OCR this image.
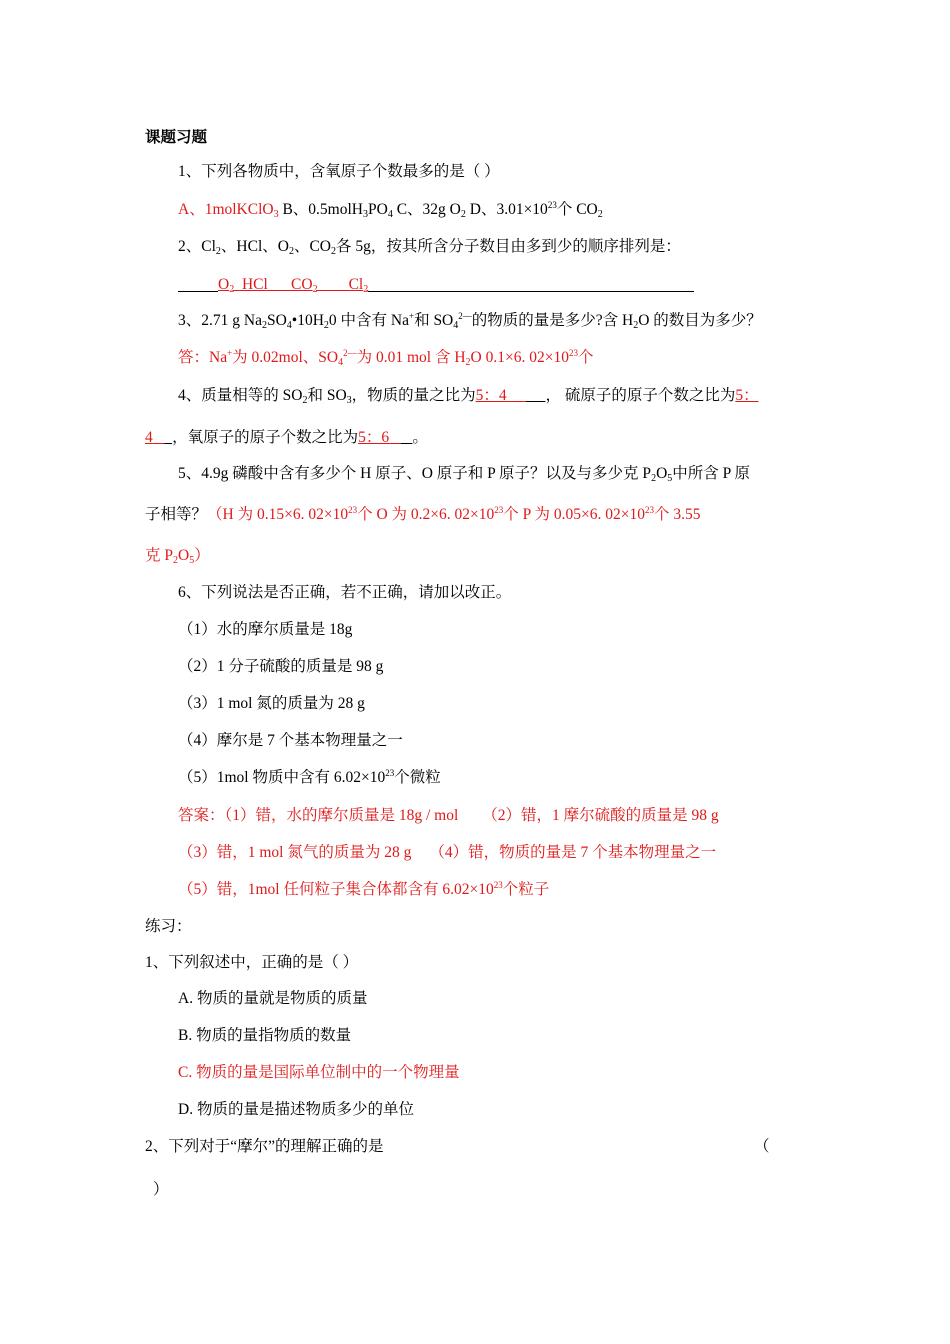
课题习题
1、下列各物质中，含氧原子个数最多的是（ ）
A、1molKClO$_3$ B、$0.5molH_3PO_4$ C、32g $O_2$ D、$3.01\times 10^{23}$个 $CO_2$
2、$Cl_2$、HCl、$O_2$、$CO_2$各 5g，按其所含分子数目由多到少的顺序排列是：
$O_2$ HCl $CO_2$ $Cl_2$
3、2.71 g $Na_2SO_4•10H_20$ 中含有 Na+和 $SO_4^{2—}$的物质的量是多少?含 $H_2O$ 的数目为多少？
答：Na+为 0.02mol、$SO_4^{2—}$为 0.01 mol 含 $H_2O$ 0.1×6. $02\times 10^{23}$个
4、质量相等的 $SO_2$和 $SO_3$，物质的量之比为5：4	， 硫原子的原子个数之比为5：
4 ，氧原子的原子个数之比为5：6 。
5、4.9g 磷酸中含有多少个 H 原子、O 原子和 P 原子？以及与多少克 $P_2O_5$中所含 P 原
子相等？（H 为 0.15×6. $02\times 10^{23}$个 O 为 0.2×6. $02\times 10^{23}$个 P 为 0.05×6. $02\times 10^{23}$个 3.55
克 $P_2O_5$）
6、下列说法是否正确，若不正确，请加以改正。
（1）水的摩尔质量是 18g
（2）1 分子硫酸的质量是 98 g
（3）1 mol 氮的质量为 28 g
（4）摩尔是 7 个基本物理量之一
（5）1mol 物质中含有 $6.02\times 10^{23}$个微粒
答案：（1）错，水的摩尔质量是 18g / mol （2）错，1 摩尔硫酸的质量是 98 g
（3）错，1 mol 氮气的质量为 28 g （4）错，物质的量是 7 个基本物理量之一
（5）错，1mol 任何粒子集合体都含有 $6.02\times 10^{23}$个粒子
练习：
1、下列叙述中，正确的是（ ）
A. 物质的量就是物质的质量
B. 物质的量指物质的数量
C. 物质的量是国际单位制中的一个物理量
D. 物质的量是描述物质多少的单位
2、下列对于“摩尔”的理解正确的是	（
）
